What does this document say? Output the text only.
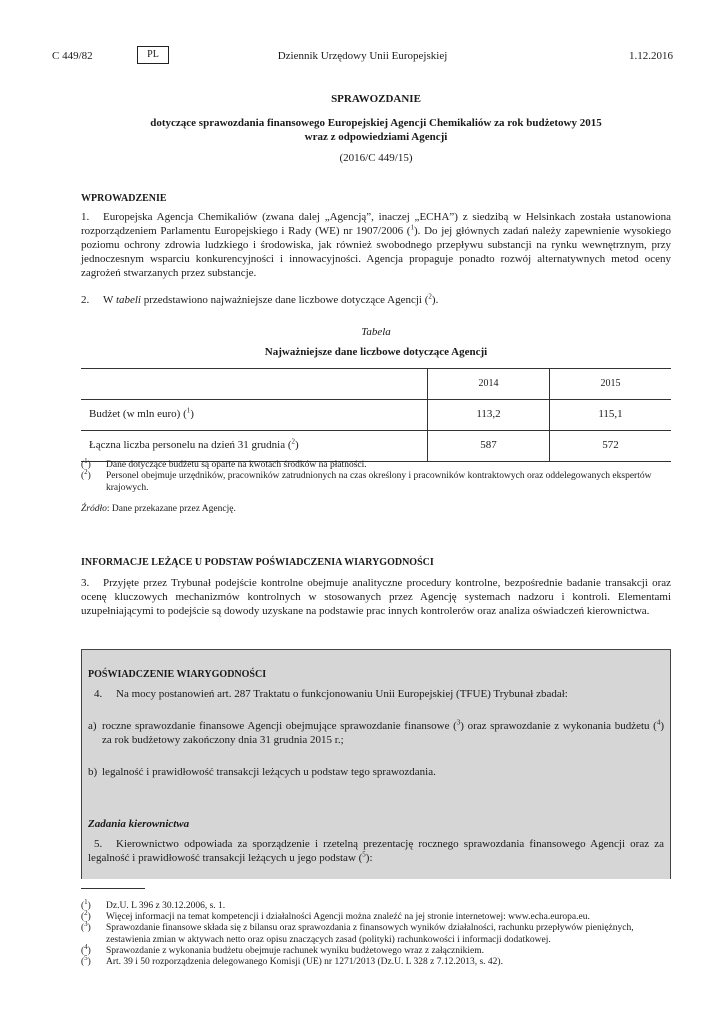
C 449/82	PL	Dziennik Urzędowy Unii Europejskiej	1.12.2016
SPRAWOZDANIE
dotyczące sprawozdania finansowego Europejskiej Agencji Chemikaliów za rok budżetowy 2015
wraz z odpowiedziami Agencji
(2016/C 449/15)
WPROWADZENIE

1. Europejska Agencja Chemikaliów (zwana dalej „Agencją”, inaczej „ECHA”) z siedzibą w Helsinkach została ustanowiona rozporządzeniem Parlamentu Europejskiego i Rady (WE) nr 1907/2006 ($^1$). Do jej głównych zadań należy zapewnienie wysokiego poziomu ochrony zdrowia ludzkiego i środowiska, jak również swobodnego przepływu substancji na rynku wewnętrznym, przy jednoczesnym wsparciu konkurencyjności i innowacyjności. Agencja propaguje ponadto rozwój alternatywnych metod oceny zagrożeń stwarzanych przez substancje.

2. W tabeli przedstawiono najważniejsze dane liczbowe dotyczące Agencji ($^2$).

Tabela
Najważniejsze dane liczbowe dotyczące Agencji
	2014	2015
Budżet (w mln euro) ($^1$)	113,2	115,1
Łączna liczba personelu na dzień 31 grudnia ($^2$)	587	572
($^1$)	Dane dotyczące budżetu są oparte na kwotach środków na płatności.
($^2$)	Personel obejmuje urzędników, pracowników zatrudnionych na czas określony i pracowników kontraktowych oraz oddelegowanych ekspertów krajowych.
Źródło: Dane przekazane przez Agencję.
INFORMACJE LEŻĄCE U PODSTAW POŚWIADCZENIA WIARYGODNOŚCI

3. Przyjęte przez Trybunał podejście kontrolne obejmuje analityczne procedury kontrolne, bezpośrednie badanie transakcji oraz ocenę kluczowych mechanizmów kontrolnych w stosowanych przez Agencję systemach nadzoru i kontroli. Elementami uzupełniającymi to podejście są dowody uzyskane na podstawie prac innych kontrolerów oraz analiza oświadczeń kierownictwa.

POŚWIADCZENIE WIARYGODNOŚCI

4. Na mocy postanowień art. 287 Traktatu o funkcjonowaniu Unii Europejskiej (TFUE) Trybunał zbadał:

a) roczne sprawozdanie finansowe Agencji obejmujące sprawozdanie finansowe ($^3$) oraz sprawozdanie z wykonania budżetu ($^4$) za rok budżetowy zakończony dnia 31 grudnia 2015 r.;

b) legalność i prawidłowość transakcji leżących u podstaw tego sprawozdania.
Zadania kierownictwa

5. Kierownictwo odpowiada za sporządzenie i rzetelną prezentację rocznego sprawozdania finansowego Agencji oraz za legalność i prawidłowość transakcji leżących u jego podstaw ($^5$):

($^1$)	Dz.U. L 396 z 30.12.2006, s. 1.
($^2$)	Więcej informacji na temat kompetencji i działalności Agencji można znaleźć na jej stronie internetowej: www.echa.europa.eu.
($^3$)	Sprawozdanie finansowe składa się z bilansu oraz sprawozdania z finansowych wyników działalności, rachunku przepływów pieniężnych, zestawienia zmian w aktywach netto oraz opisu znaczących zasad (polityki) rachunkowości i informacji dodatkowej.
($^4$)	Sprawozdanie z wykonania budżetu obejmuje rachunek wyniku budżetowego wraz z załącznikiem.
($^5$)	Art. 39 i 50 rozporządzenia delegowanego Komisji (UE) nr 1271/2013 (Dz.U. L 328 z 7.12.2013, s. 42).
